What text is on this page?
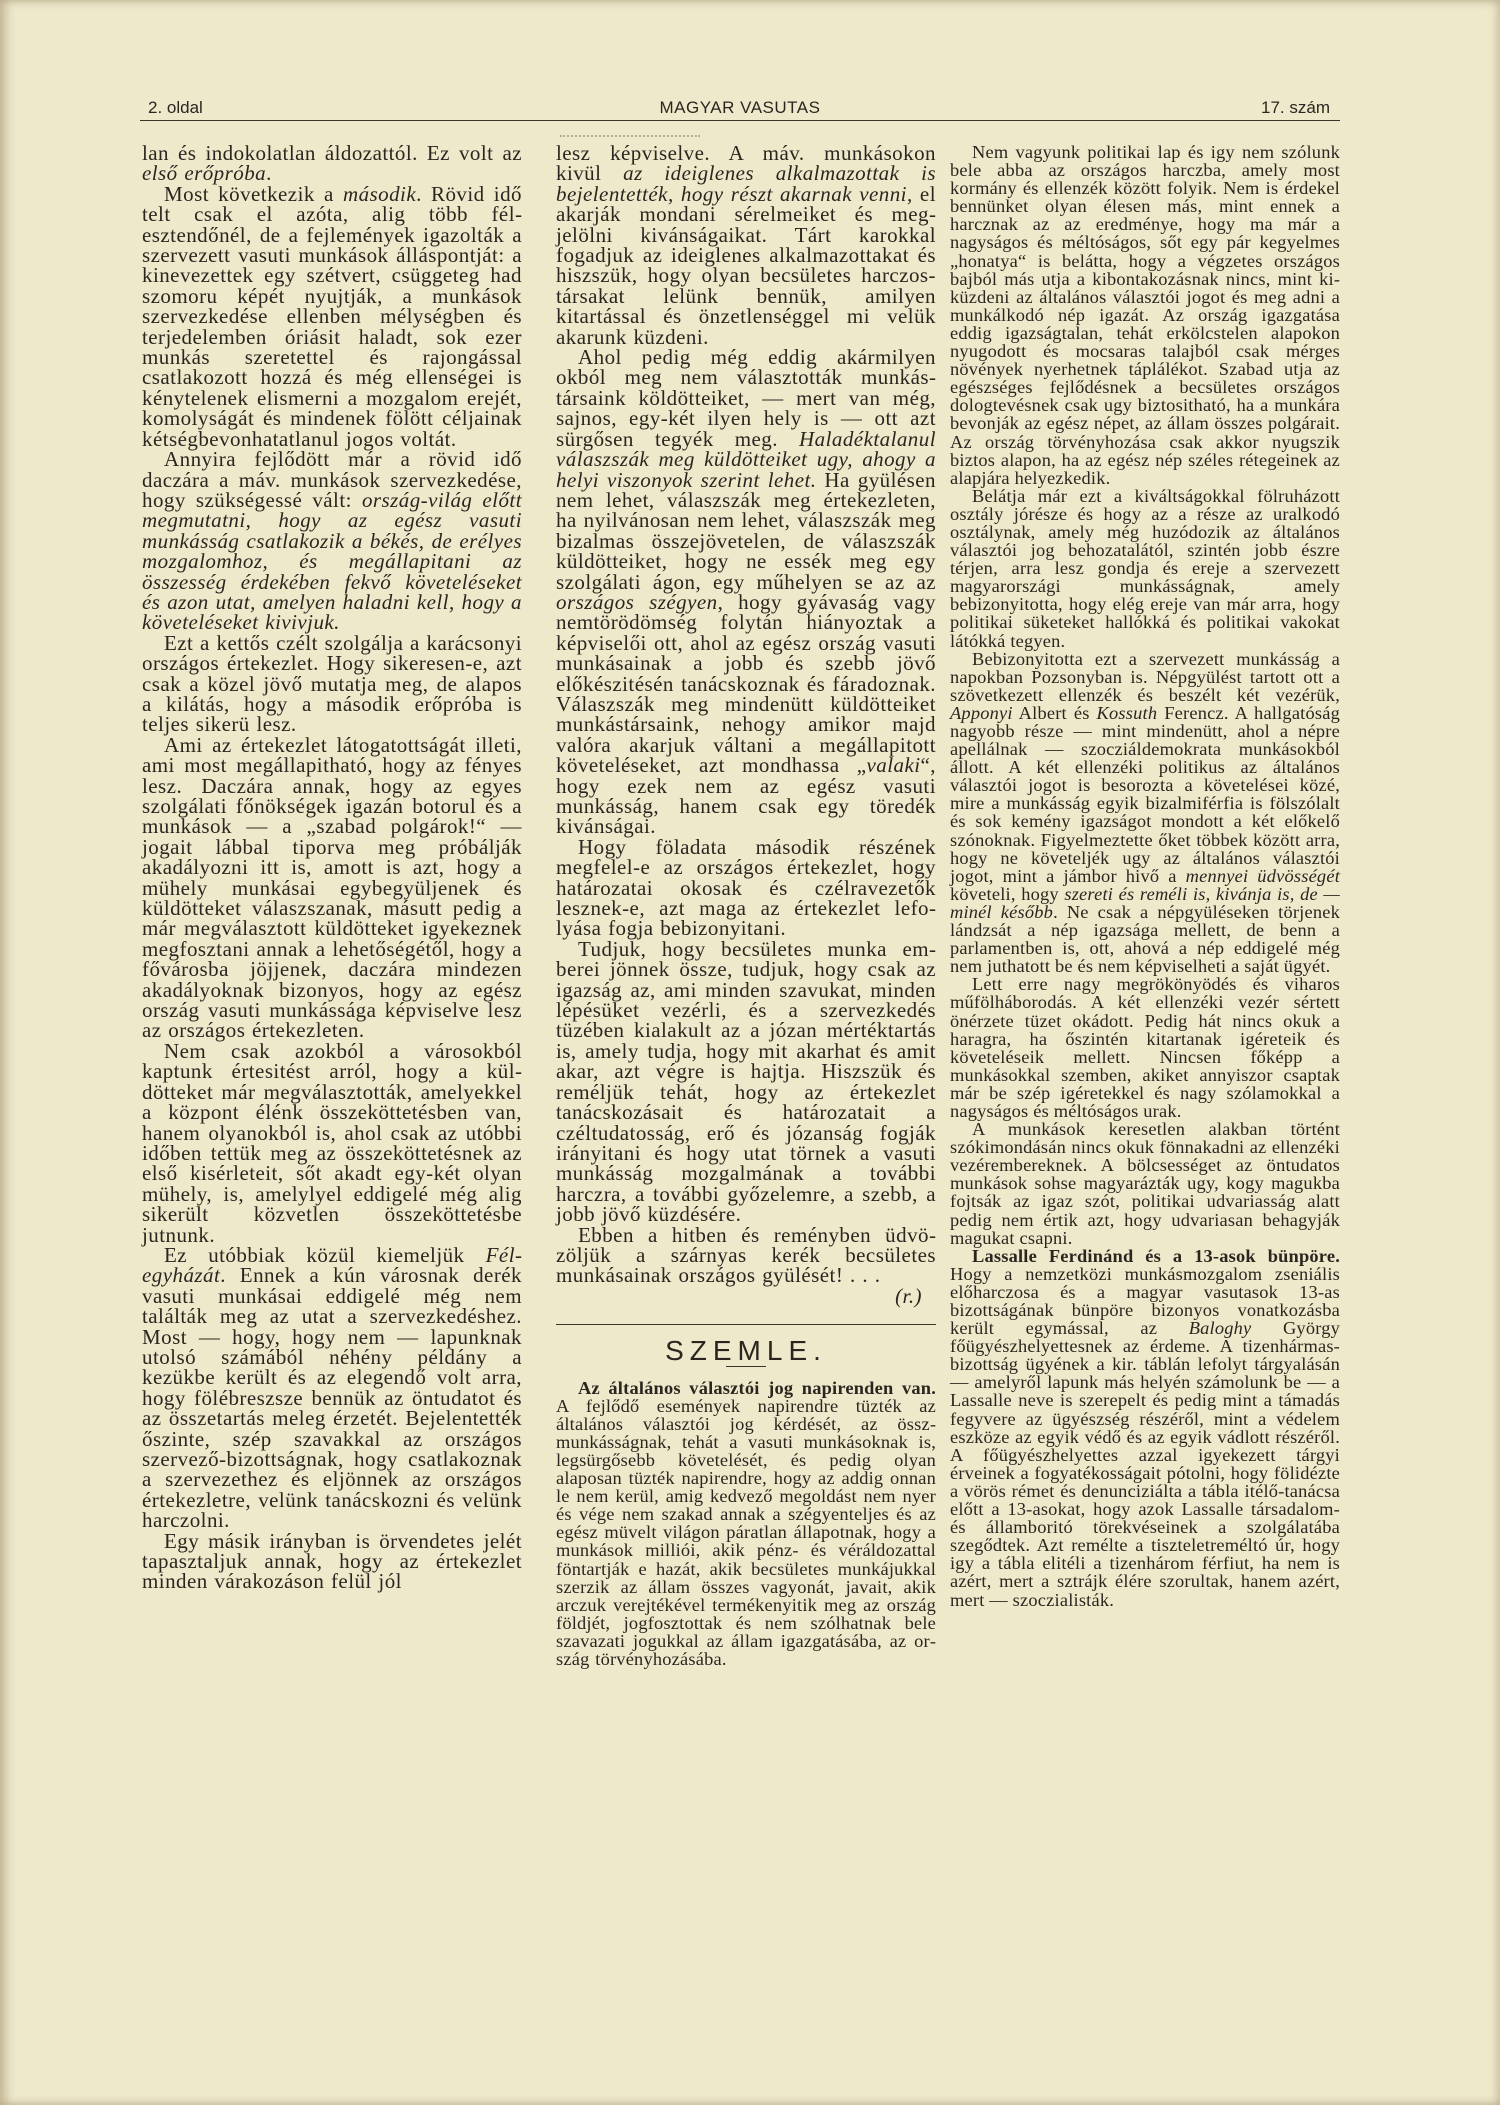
MAGYAR VASUTAS
2. oldal	17. szám

lan és indokolatlan áldozattól. Ez volt az első erőpróba.

Most következik a második. Rövid idő telt csak el azóta, alig több félesztendőnél, de a fejlemények igazolták a szervezett vasuti munkások álláspontját: a kinevezettek egy szétvert, csüggeteg had szomoru képét nyujtják, a munkások szervezkedése ellenben mélységben és terjedelemben óriásit haladt, sok ezer munkás szeretettel és rajongással csatlakozott hozzá és még ellenségei is kénytelenek elismerni a mozgalom erejét, komolyságát és mindenek fölött céljainak kétségbevonhatatlanul jogos voltát.

Annyira fejlődött már a rövid idő daczára a máv. munkások szervezkedése, hogy szükségessé vált: ország-világ előtt megmutatni, hogy az egész vasuti munkásság csatlakozik a békés, de erélyes mozgalomhoz, és megállapitani az összesség érdekében fekvő követeléseket és azon utat, amelyen haladni kell, hogy a követeléseket kivivjuk.

Ezt a kettős czélt szolgálja a karácsonyi országos értekezlet. Hogy sikeresen-e, azt csak a közel jövő mutatja meg, de alapos a kilátás, hogy a második erőpróba is teljes sikerü lesz.

Ami az értekezlet látogatottságát illeti, ami most megállapitható, hogy az fényes lesz. Daczára annak, hogy az egyes szolgálati főnökségek igazán botorul és a munkások — a „szabad polgárok!“ — jogait lábbal tiporva meg próbálják akadályozni itt is, amott is azt, hogy a mühely munkásai egybegyüljenek és küldötteket válaszszanak, másutt pedig a már megválasztott küldötteket igyekeznek megfosztani annak a lehetőségétől, hogy a fővárosba jöjjenek, daczára mindezen akadályoknak bizonyos, hogy az egész ország vasuti munkássága képviselve lesz az országos értekezleten.

Nem csak azokból a városokból kaptunk értesitést arról, hogy a küldötteket már megválasztották, amelyekkel a központ élénk összeköttetésben van, hanem olyanokból is, ahol csak az utóbbi időben tettük meg az összeköttetésnek az első kisérleteit, sőt akadt egy-két olyan mühely, is, amelylyel eddigelé még alig sikerült közvetlen összeköttetésbe jutnunk.

Ez utóbbiak közül kiemeljük Félegyházát. Ennek a kún városnak derék vasuti munkásai eddigelé még nem találták meg az utat a szervezkedéshez. Most — hogy, hogy nem — lapunknak utolsó számából néhény példány a kezükbe került és az elegendő volt arra, hogy fölébreszsze bennük az öntudatot és az összetartás meleg érzetét. Bejelentették őszinte, szép szavakkal az országos szervező-bizottságnak, hogy csatlakoznak a szervezethez és eljönnek az országos értekezletre, velünk tanácskozni és velünk harczolni.

Egy másik irányban is örvendetes jelét tapasztaljuk annak, hogy az értekezlet minden várakozáson felül jól

lesz képviselve. A máv. munkásokon kivül az ideiglenes alkalmazottak is bejelentették, hogy részt akarnak venni, el akarják mondani sérelmeiket és megjelölni kivánságaikat. Tárt karokkal fogadjuk az ideiglenes alkalmazottakat és hiszszük, hogy olyan becsületes harczos-társakat lelünk bennük, amilyen kitartással és önzetlenséggel mi velük akarunk küzdeni.

Ahol pedig még eddig akármilyen okból meg nem választották munkástársaink köldötteiket, — mert van még, sajnos, egy-két ilyen hely is — ott azt sürgősen tegyék meg. Haladéktalanul válaszszák meg küldötteiket ugy, ahogy a helyi viszonyok szerint lehet. Ha gyülésen nem lehet, válaszszák meg értekezleten, ha nyilvánosan nem lehet, válaszszák meg bizalmas összejövetelen, de válaszszák küldötteiket, hogy ne essék meg egy szolgálati ágon, egy műhelyen se az az országos szégyen, hogy gyávaság vagy nemtörödömség folytán hiányoztak a képviselői ott, ahol az egész ország vasuti munkásainak a jobb és szebb jövő előkészitésén tanácskoznak és fáradoznak. Válaszszák meg mindenütt küldötteiket munkástársaink, nehogy amikor majd valóra akarjuk váltani a megállapitott követeléseket, azt mondhassa „valaki“, hogy ezek nem az egész vasuti munkásság, hanem csak egy töredék kivánságai.

Hogy föladata második részének megfelel-e az országos értekezlet, hogy határozatai okosak és czélravezetők lesznek-e, azt maga az értekezlet lefolyása fogja bebizonyitani.

Tudjuk, hogy becsületes munka emberei jönnek össze, tudjuk, hogy csak az igazság az, ami minden szavukat, minden lépésüket vezérli, és a szervezkedés tüzében kialakult az a józan mértéktartás is, amely tudja, hogy mit akarhat és amit akar, azt végre is hajtja. Hiszszük és reméljük tehát, hogy az értekezlet tanácskozásait és határozatait a czéltudatosság, erő és józanság fogják irányitani és hogy utat törnek a vasuti munkásság mozgalmának a további harczra, a további győzelemre, a szebb, a jobb jövő küzdésére.

Ebben a hitben és reményben üdvözöljük a szárnyas kerék becsületes munkásainak országos gyülését! . . .

(r.)

SZEMLE.

Az általános választói jog napirenden van. A fejlődő események napirendre tüzték az általános választói jog kérdését, az összmunkásságnak, tehát a vasuti munkásoknak is, legsürgősebb követelését, és pedig olyan alaposan tüzték napirendre, hogy az addig onnan le nem kerül, amig kedvező megoldást nem nyer és vége nem szakad annak a szégyenteljes és az egész müvelt világon páratlan állapotnak, hogy a munkások milliói, akik pénz- és véráldozattal föntartják e hazát, akik becsületes munkájukkal szerzik az állam összes vagyonát, javait, akik arczuk verejtékével termékenyitik meg az ország földjét, jogfosztottak és nem szólhatnak bele szavazati jogukkal az állam igazgatásába, az ország törvényhozásába.

Nem vagyunk politikai lap és igy nem szólunk bele abba az országos harczba, amely most kormány és ellenzék között folyik. Nem is érdekel bennünket olyan élesen más, mint ennek a harcznak az az eredménye, hogy ma már a nagyságos és méltóságos, sőt egy pár kegyelmes „honatya“ is belátta, hogy a végzetes országos bajból más utja a kibontakozásnak nincs, mint kiküzdeni az általános választói jogot és meg adni a munkálkodó nép igazát. Az ország igazgatása eddig igazságtalan, tehát erkölcstelen alapokon nyugodott és mocsaras talajból csak mérges növények nyerhetnek táplálékot. Szabad utja az egészséges fejlődésnek a becsületes országos dologtevésnek csak ugy biztositható, ha a munkára bevonják az egész népet, az állam összes polgárait. Az ország törvényhozása csak akkor nyugszik biztos alapon, ha az egész nép széles rétegeinek az alapjára helyezkedik.

Belátja már ezt a kiváltságokkal fölruházott osztály jórésze és hogy az a része az uralkodó osztálynak, amely még huzódozik az általános választói jog behozatalától, szintén jobb észre térjen, arra lesz gondja és ereje a szervezett magyarországi munkásságnak, amely bebizonyitotta, hogy elég ereje van már arra, hogy politikai süketeket hallókká és politikai vakokat látókká tegyen.

Bebizonyitotta ezt a szervezett munkásság a napokban Pozsonyban is. Népgyülést tartott ott a szövetkezett ellenzék és beszélt két vezérük, Apponyi Albert és Kossuth Ferencz. A hallgatóság nagyobb része — mint mindenütt, ahol a népre apellálnak — szocziáldemokrata munkásokból állott. A két ellenzéki politikus az általános választói jogot is besorozta a követelései közé, mire a munkásság egyik bizalmiférfia is fölszólalt és sok kemény igazságot mondott a két előkelő szónoknak. Figyelmeztette őket többek között arra, hogy ne követeljék ugy az általános választói jogot, mint a jámbor hivő a mennyei üdvösségét követeli, hogy szereti és reméli is, kivánja is, de — minél később. Ne csak a népgyüléseken törjenek lándzsát a nép igazsága mellett, de benn a parlamentben is, ott, ahová a nép eddigelé még nem juthatott be és nem képviselheti a saját ügyét.

Lett erre nagy megrökönyödés és viharos műfölháborodás. A két ellenzéki vezér sértett önérzete tüzet okádott. Pedig hát nincs okuk a haragra, ha őszintén kitartanak igéreteik és követeléseik mellett. Nincsen főképp a munkásokkal szemben, akiket annyiszor csaptak már be szép igéretekkel és nagy szólamokkal a nagyságos és méltóságos urak.

A munkások keresetlen alakban történt szókimondásán nincs okuk fönnakadni az ellenzéki vezérembereknek. A bölcsességet az öntudatos munkások sohse magyarázták ugy, kogy magukba fojtsák az igaz szót, politikai udvariasság alatt pedig nem értik azt, hogy udvariasan behagyják magukat csapni.

Lassalle Ferdinánd és a 13-asok bünpöre. Hogy a nemzetközi munkásmozgalom zseniális előharczosa és a magyar vasutasok 13-as bizottságának bünpöre bizonyos vonatkozásba került egymással, az Baloghy György főügyészhelyettesnek az érdeme. A tizenhármas-bizottság ügyének a kir. táblán lefolyt tárgyalásán — amelyről lapunk más helyén számolunk be — a Lassalle neve is szerepelt és pedig mint a támadás fegyvere az ügyészség részéről, mint a védelem eszköze az egyik védő és az egyik vádlott részéről. A főügyészhelyettes azzal igyekezett tárgyi érveinek a fogyatékosságait pótolni, hogy fölidézte a vörös rémet és denunciziálta a tábla itélő-tanácsa előtt a 13-asokat, hogy azok Lassalle társadalom- és államboritó törekvéseinek a szolgálatába szegődtek. Azt remélte a tiszteletreméltó úr, hogy igy a tábla elitéli a tizenhárom férfiut, ha nem is azért, mert a sztrájk élére szorultak, hanem azért, mert — szoczialisták.
